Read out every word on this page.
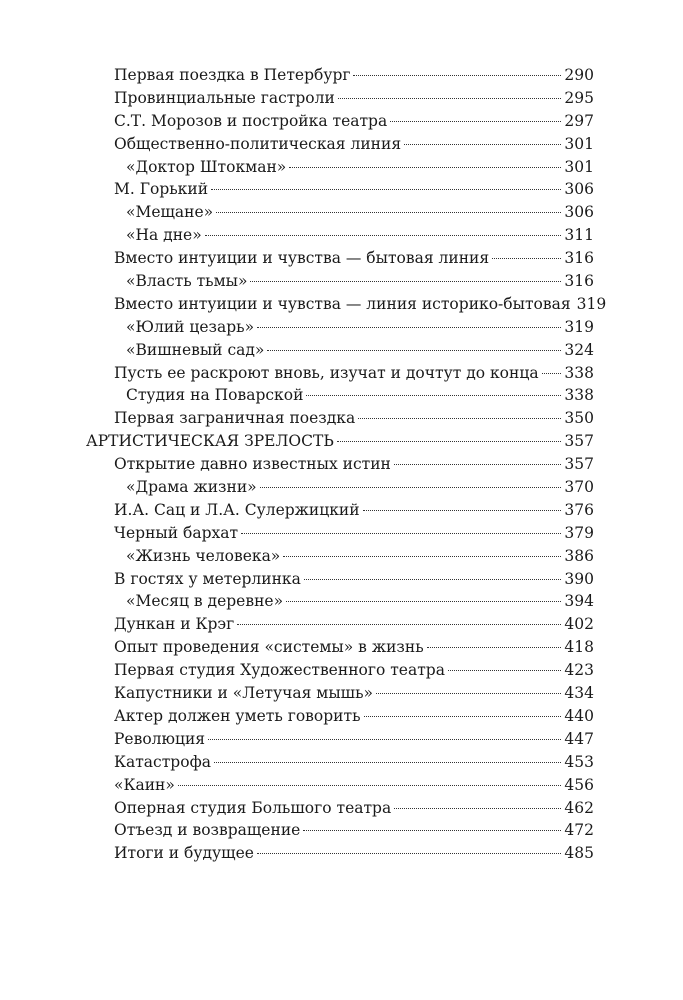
Первая поездка в Петербург	290
Провинциальные гастроли	295
С.Т. Морозов и постройка театра	297
Общественно-политическая линия	301
«Доктор Штокман»	301
М. Горький	306
«Мещане»	306
«На дне»	311
Вместо интуиции и чувства — бытовая линия	316
«Власть тьмы»	316
Вместо интуиции и чувства — линия историко-бытовая 319
«Юлий цезарь»	319
«Вишневый сад»	324
Пусть ее раскроют вновь, изучат и дочтут до конца 338
Студия на Поварской	338
Первая заграничная поездка	350
АРТИСТИЧЕСКАЯ ЗРЕЛОСТЬ	357
Открытие давно известных истин	357
«Драма жизни»	370
И.А. Сац и Л.А. Сулержицкий	376
Черный бархат	379
«Жизнь человека»	386
В гостях у метерлинка	390
«Месяц в деревне»	394
Дункан и Крэг	402
Опыт проведения «системы» в жизнь	418
Первая студия Художественного театра	423
Капустники и «Летучая мышь»	434
Актер должен уметь говорить	440
Революция	447
Катастрофа	453
«Каин»	456
Оперная студия Большого театра	462
Отъезд и возвращение	472
Итоги и будущее	485
